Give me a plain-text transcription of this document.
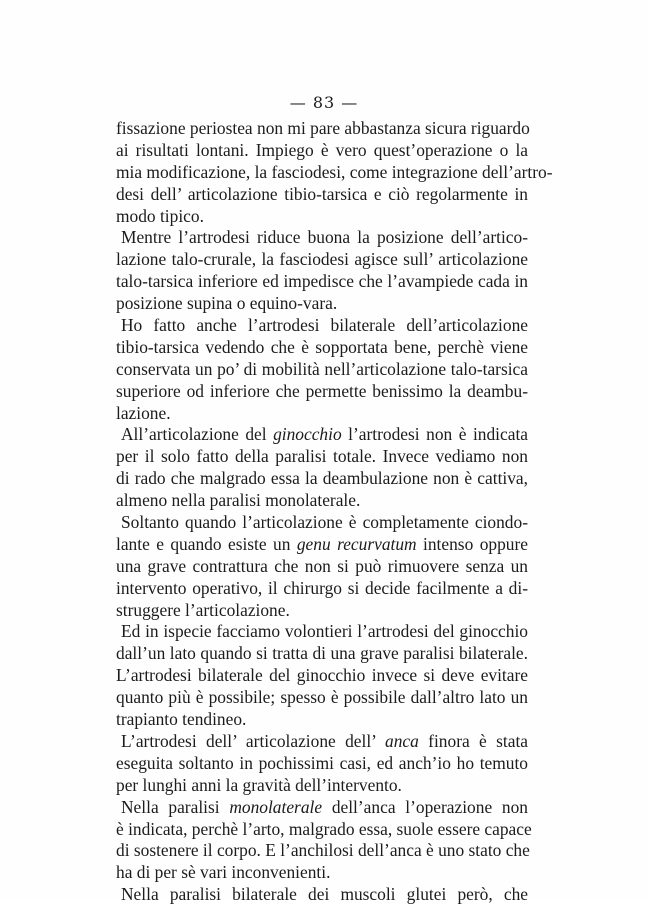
— 83 —
fissazione periostea non mi pare abbastanza sicura riguardo
ai risultati lontani. Impiego è vero quest’operazione o la
mia modificazione, la fasciodesi, come integrazione dell’artro-
desi dell’ articolazione tibio-tarsica e ciò regolarmente in
modo tipico.
Mentre l’artrodesi riduce buona la posizione dell’artico-
lazione talo-crurale, la fasciodesi agisce sull’ articolazione
talo-tarsica inferiore ed impedisce che l’avampiede cada in
posizione supina o equino-vara.
Ho fatto anche l’artrodesi bilaterale dell’articolazione
tibio-tarsica vedendo che è sopportata bene, perchè viene
conservata un po’ di mobilità nell’articolazione talo-tarsica
superiore od inferiore che permette benissimo la deambu-
lazione.
All’articolazione del ginocchio l’artrodesi non è indicata
per il solo fatto della paralisi totale. Invece vediamo non
di rado che malgrado essa la deambulazione non è cattiva,
almeno nella paralisi monolaterale.
Soltanto quando l’articolazione è completamente ciondo-
lante e quando esiste un genu recurvatum intenso oppure
una grave contrattura che non si può rimuovere senza un
intervento operativo, il chirurgo si decide facilmente a di-
struggere l’articolazione.
Ed in ispecie facciamo volontieri l’artrodesi del ginocchio
dall’un lato quando si tratta di una grave paralisi bilaterale.
L’artrodesi bilaterale del ginocchio invece si deve evitare
quanto più è possibile; spesso è possibile dall’altro lato un
trapianto tendineo.
L’artrodesi dell’ articolazione dell’ anca finora è stata
eseguita soltanto in pochissimi casi, ed anch’io ho temuto
per lunghi anni la gravità dell’intervento.
Nella paralisi monolaterale dell’anca l’operazione non
è indicata, perchè l’arto, malgrado essa, suole essere capace
di sostenere il corpo. E l’anchilosi dell’anca è uno stato che
ha di per sè vari inconvenienti.
Nella paralisi bilaterale dei muscoli glutei però, che
